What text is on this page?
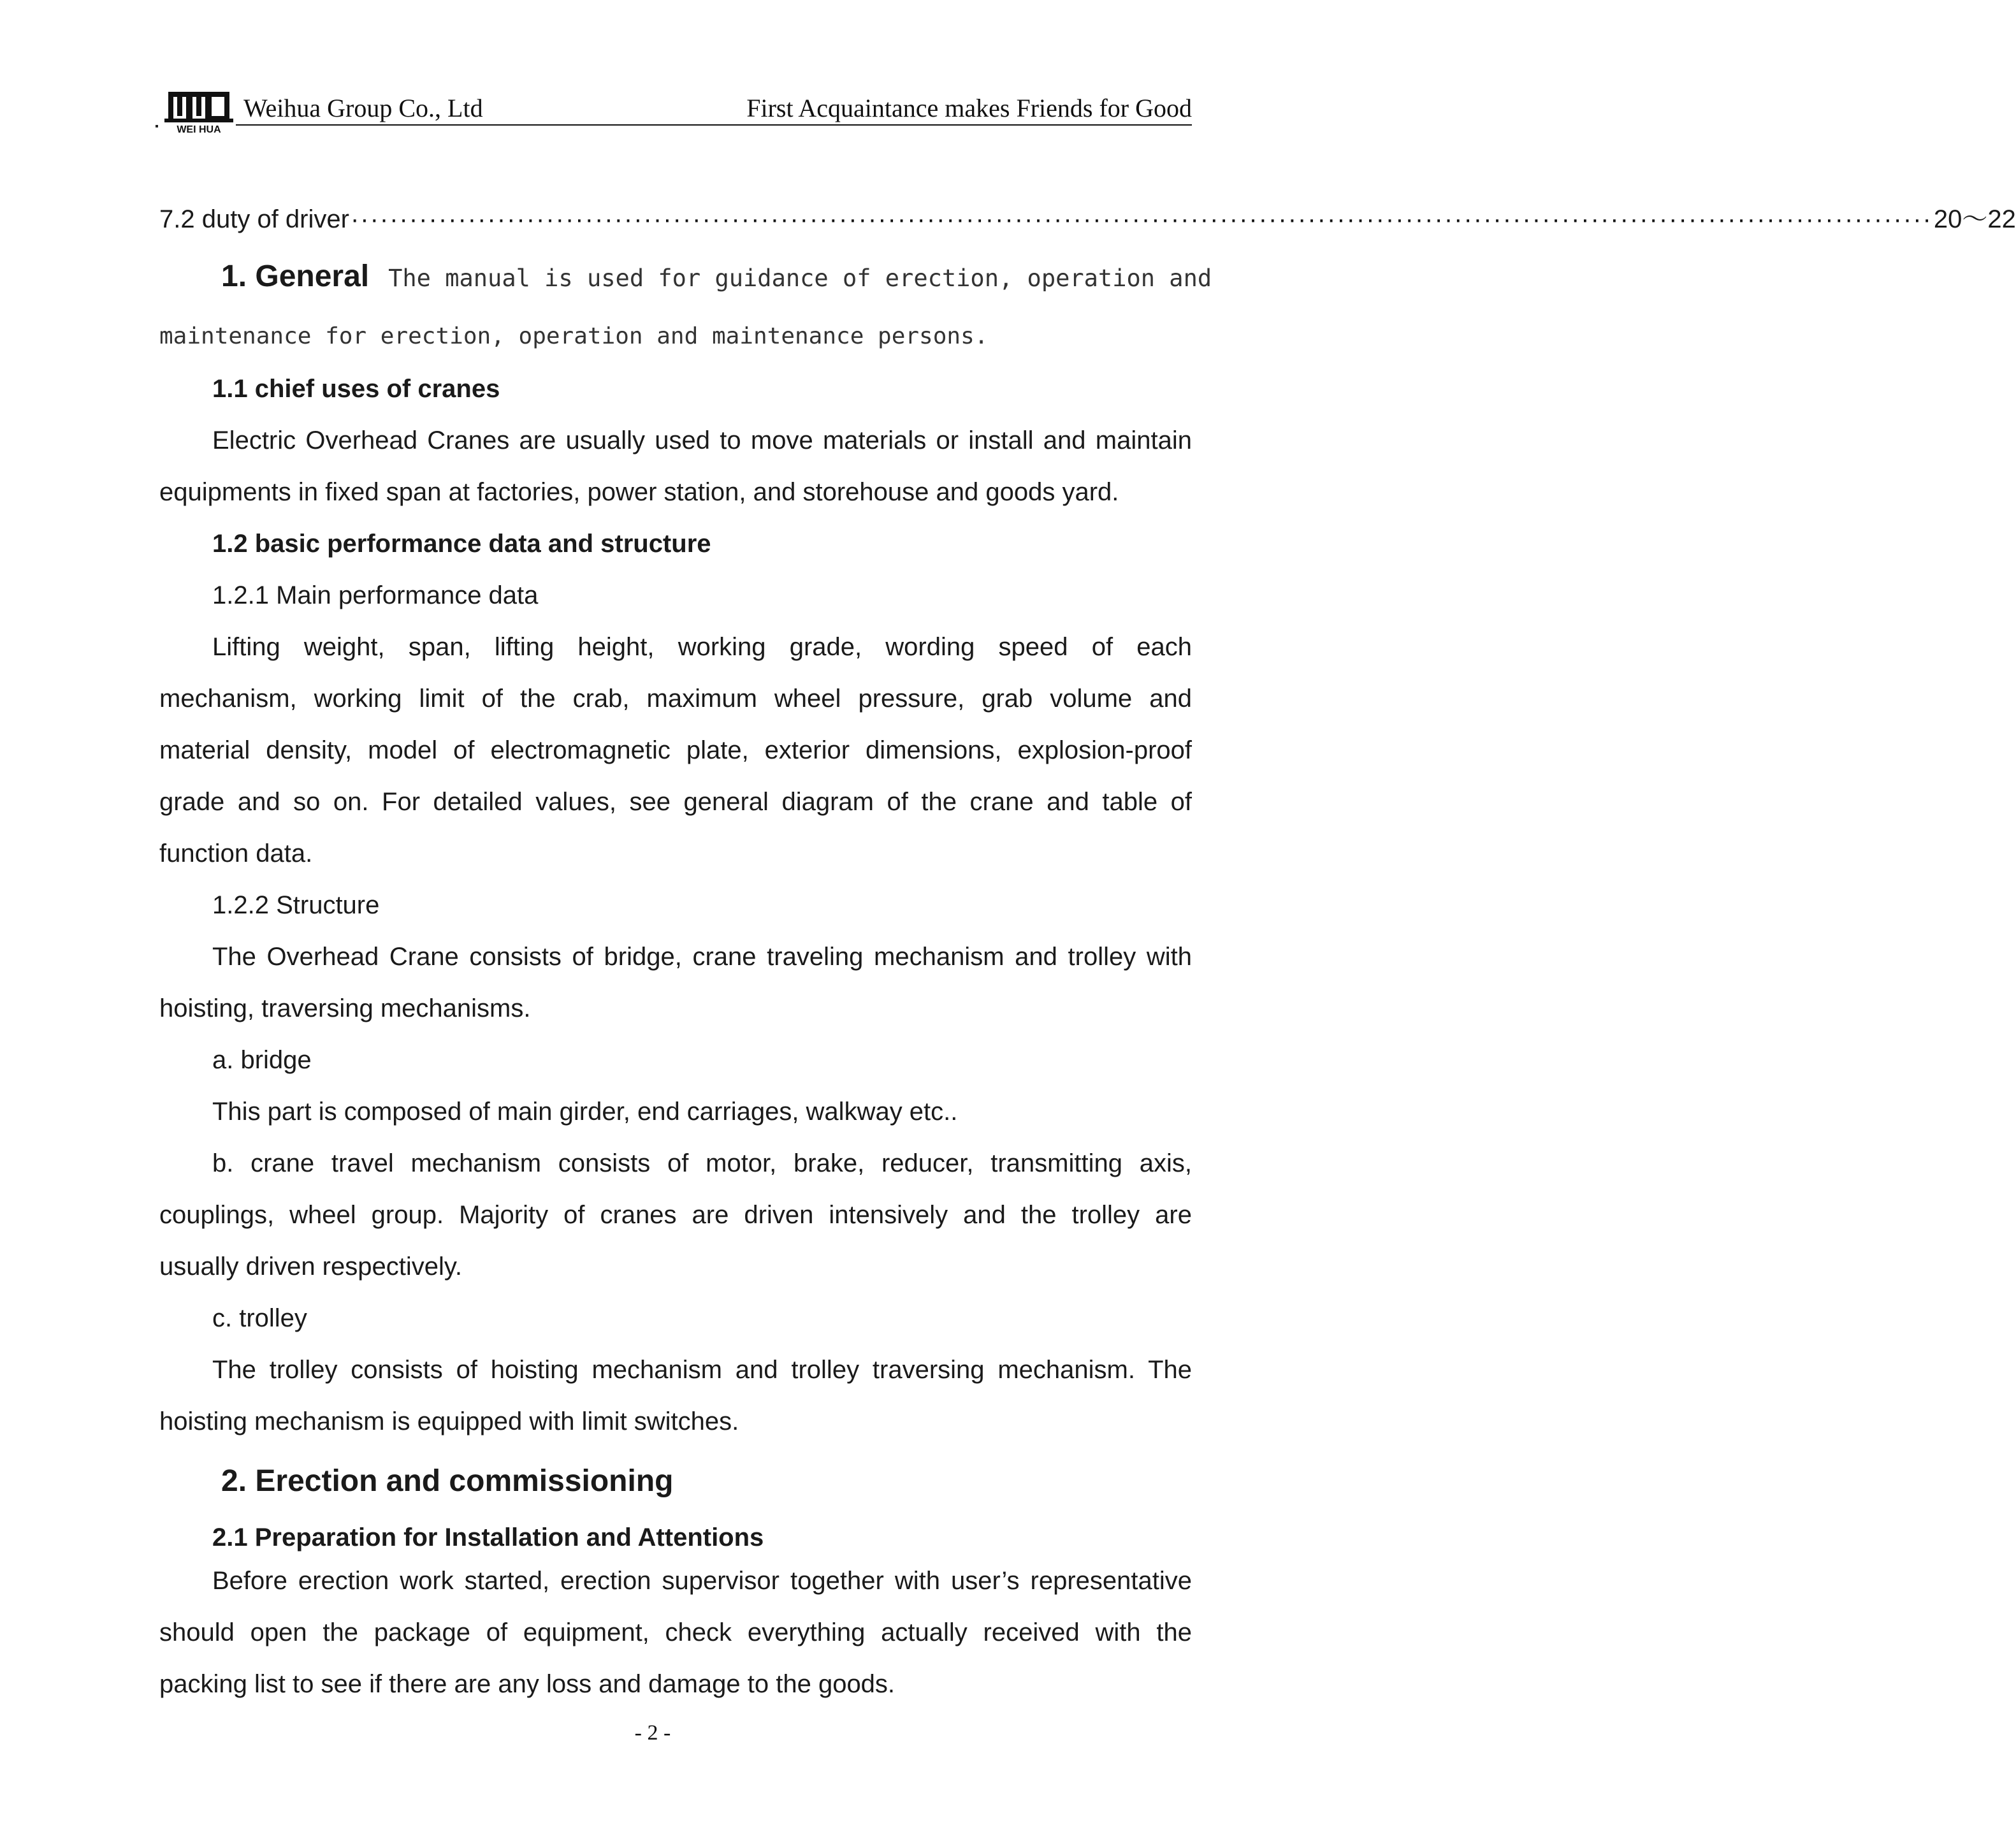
WEI HUA
Weihua Group Co., Ltd	First Acquaintance makes Friends for Good
7.2 duty of driver ·································································································································································· 20～22
1. General The manual is used for guidance of erection, operation and
maintenance for erection, operation and maintenance persons.
1.1 chief uses of cranes
Electric Overhead Cranes are usually used to move materials or install and maintain
equipments in fixed span at factories, power station, and storehouse and goods yard.
1.2 basic performance data and structure
1.2.1 Main performance data
Lifting weight, span, lifting height, working grade, wording speed of each
mechanism, working limit of the crab, maximum wheel pressure, grab volume and
material density, model of electromagnetic plate, exterior dimensions, explosion-proof
grade and so on. For detailed values, see general diagram of the crane and table of
function data.
1.2.2 Structure
The Overhead Crane consists of bridge, crane traveling mechanism and trolley with
hoisting, traversing mechanisms.
a. bridge
This part is composed of main girder, end carriages, walkway etc..
b. crane travel mechanism consists of motor, brake, reducer, transmitting axis,
couplings, wheel group. Majority of cranes are driven intensively and the trolley are
usually driven respectively.
c. trolley
The trolley consists of hoisting mechanism and trolley traversing mechanism. The
hoisting mechanism is equipped with limit switches.
2. Erection and commissioning
2.1 Preparation for Installation and Attentions
Before erection work started, erection supervisor together with user’s representative
should open the package of equipment, check everything actually received with the
packing list to see if there are any loss and damage to the goods.
- 2 -
